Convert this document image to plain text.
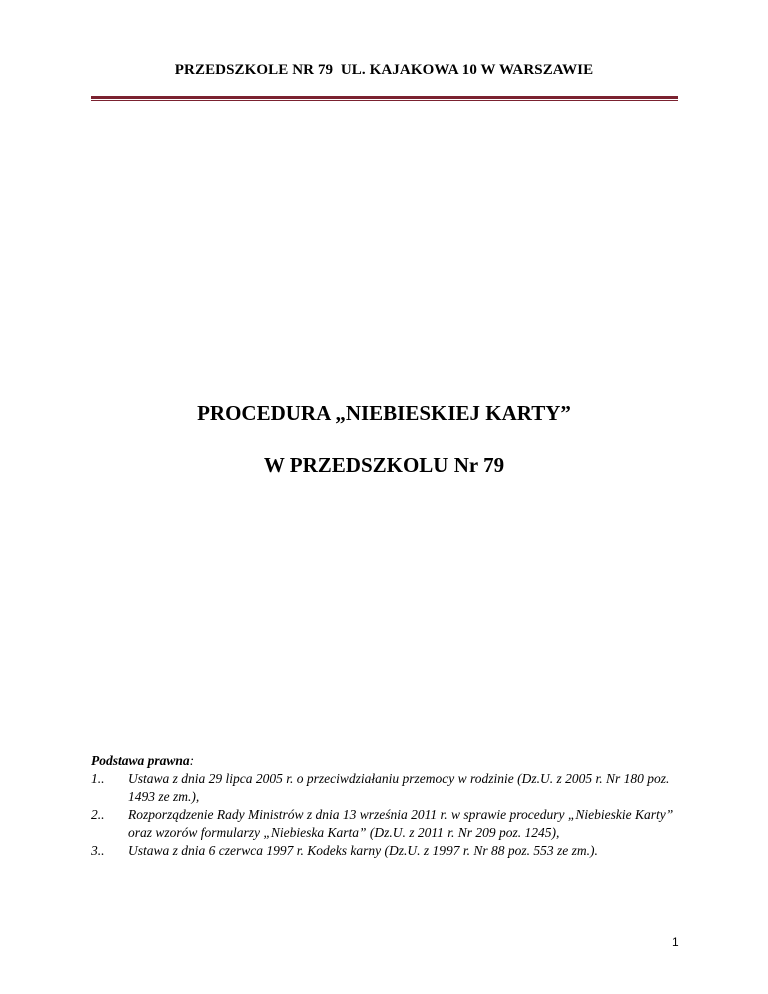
PRZEDSZKOLE NR 79  UL. KAJAKOWA 10 W WARSZAWIE
PROCEDURA „NIEBIESKIEJ KARTY”
W PRZEDSZKOLU Nr 79
Podstawa prawna:
1.. Ustawa z dnia 29 lipca 2005 r. o przeciwdziałaniu przemocy w rodzinie (Dz.U. z 2005 r. Nr 180 poz. 1493 ze zm.),
2.. Rozporządzenie Rady Ministrów z dnia 13 września 2011 r. w sprawie procedury „Niebieskie Karty” oraz wzorów formularzy „Niebieska Karta” (Dz.U. z 2011 r. Nr 209 poz. 1245),
3.. Ustawa z dnia 6 czerwca 1997 r. Kodeks karny (Dz.U. z 1997 r. Nr 88 poz. 553 ze zm.).
1
